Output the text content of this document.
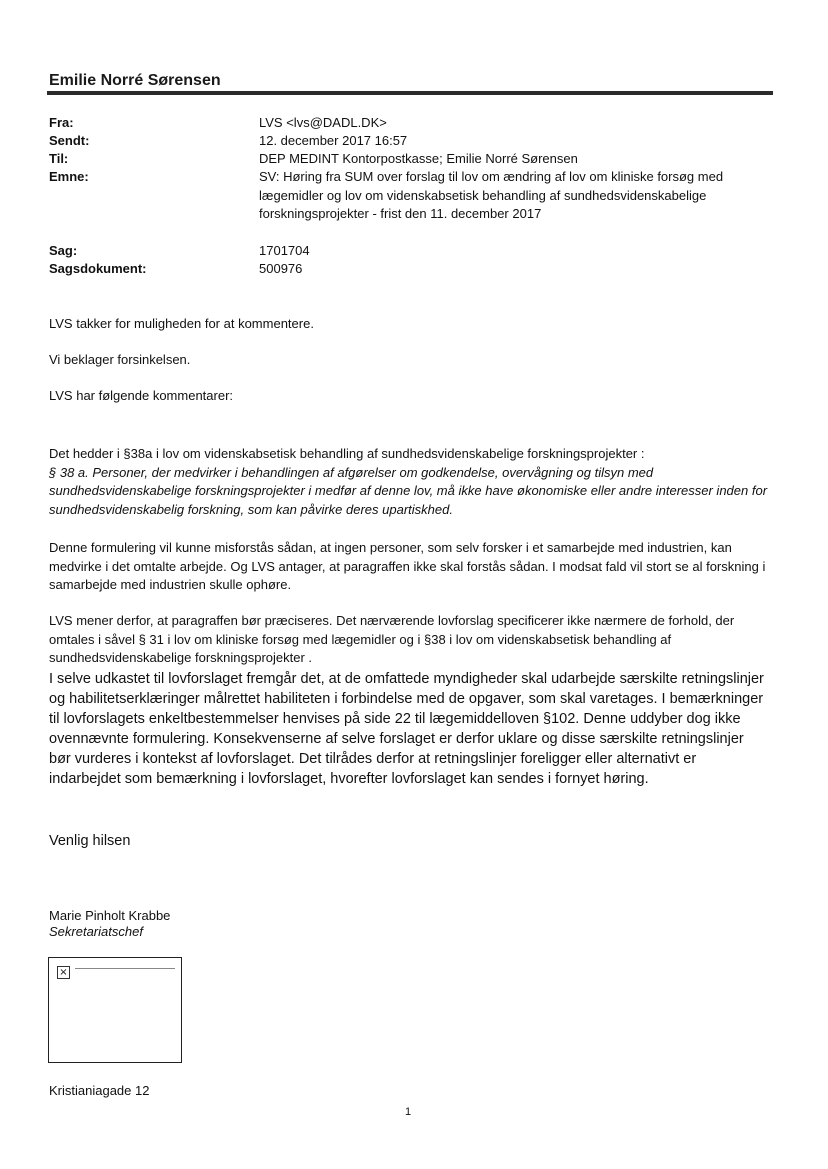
Emilie Norré Sørensen
Fra:
Sendt:
Til:
Emne:
Sag:
Sagsdokument:
LVS <lvs@DADL.DK>
12. december 2017 16:57
DEP MEDINT Kontorpostkasse; Emilie Norré Sørensen
SV: Høring fra SUM over forslag til lov om ændring af lov om kliniske forsøg med lægemidler og lov om videnskabsetisk behandling af sundhedsvidenskabelige forskningsprojekter - frist den 11. december 2017
1701704
500976
LVS takker for muligheden for at kommentere.
Vi beklager forsinkelsen.
LVS har følgende kommentarer:

Det hedder i §38a i lov om videnskabsetisk behandling af sundhedsvidenskabelige forskningsprojekter :

§ 38 a. Personer, der medvirker i behandlingen af afgørelser om godkendelse, overvågning og tilsyn med sundhedsvidenskabelige forskningsprojekter i medfør af denne lov, må ikke have økonomiske eller andre interesser inden for sundhedsvidenskabelig forskning, som kan påvirke deres upartiskhed.

Denne formulering vil kunne misforstås sådan, at ingen personer, som selv forsker i et samarbejde med industrien, kan medvirke i det omtalte arbejde. Og LVS antager, at paragraffen ikke skal forstås sådan. I modsat fald vil stort se al forskning i samarbejde med industrien skulle ophøre.
LVS mener derfor, at paragraffen bør præciseres. Det nærværende lovforslag specificerer ikke nærmere de forhold, der omtales i såvel § 31 i lov om kliniske forsøg med lægemidler og i §38 i lov om videnskabsetisk behandling af sundhedsvidenskabelige forskningsprojekter .
I selve udkastet til lovforslaget fremgår det, at de omfattede myndigheder skal udarbejde særskilte retningslinjer og habilitetserklæringer målrettet habiliteten i forbindelse med de opgaver, som skal varetages. I bemærkninger til lovforslagets enkeltbestemmelser henvises på side 22 til lægemiddelloven §102. Denne uddyber dog ikke ovennævnte formulering. Konsekvenserne af selve forslaget er derfor uklare og disse særskilte retningslinjer bør vurderes i kontekst af lovforslaget. Det tilrådes derfor at retningslinjer foreligger eller alternativt er indarbejdet som bemærkning i lovforslaget, hvorefter lovforslaget kan sendes i fornyet høring.
Venlig hilsen
Marie Pinholt Krabbe
Sekretariatschef
×
Kristianiagade 12
1
